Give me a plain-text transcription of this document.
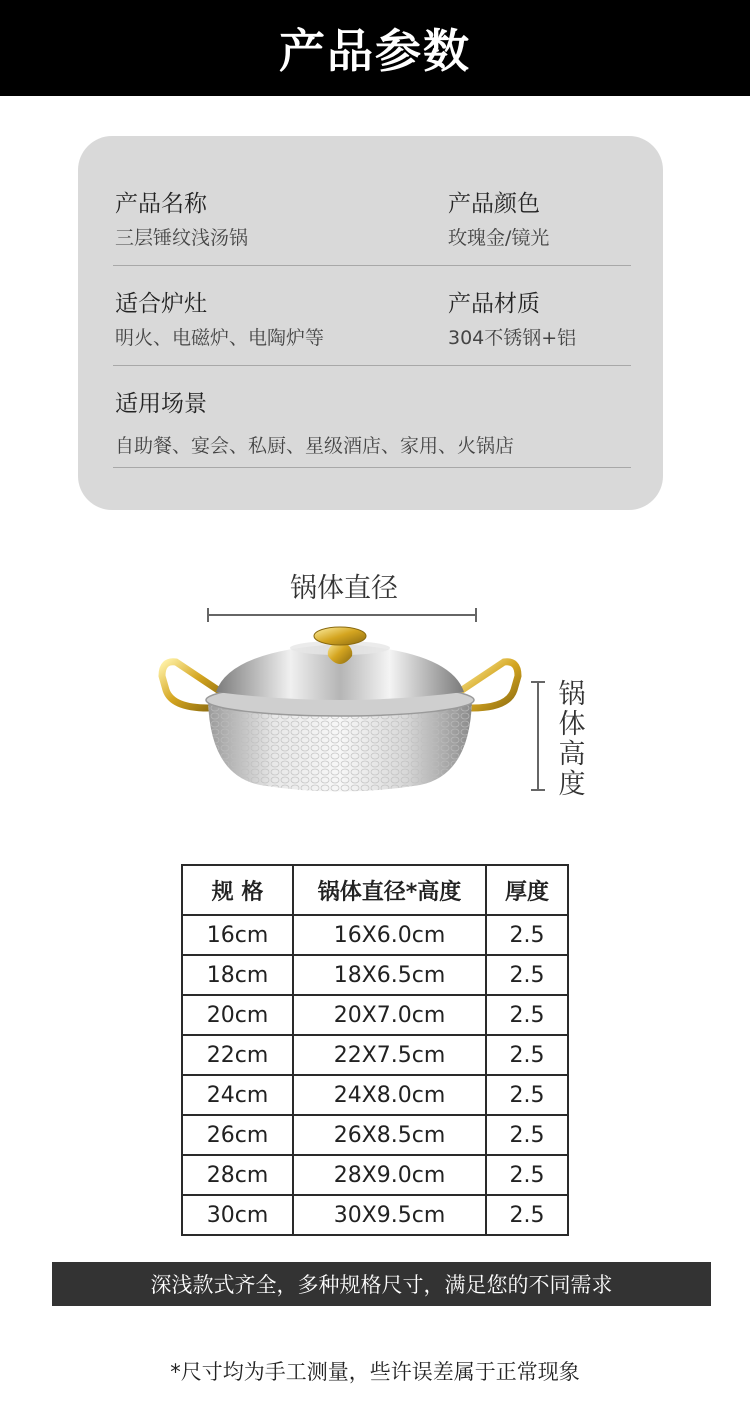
产品参数
产品名称
三层锤纹浅汤锅
产品颜色
玫瑰金/镜光
适合炉灶
明火、电磁炉、电陶炉等
产品材质
304不锈钢+铝
适用场景
自助餐、宴会、私厨、星级酒店、家用、火锅店
锅体直径
锅体高度
规 格	锅体直径*高度	厚度
16cm	16X6.0cm	2.5
18cm	18X6.5cm	2.5
20cm	20X7.0cm	2.5
22cm	22X7.5cm	2.5
24cm	24X8.0cm	2.5
26cm	26X8.5cm	2.5
28cm	28X9.0cm	2.5
30cm	30X9.5cm	2.5
深浅款式齐全，多种规格尺寸，满足您的不同需求
*尺寸均为手工测量，些许误差属于正常现象
